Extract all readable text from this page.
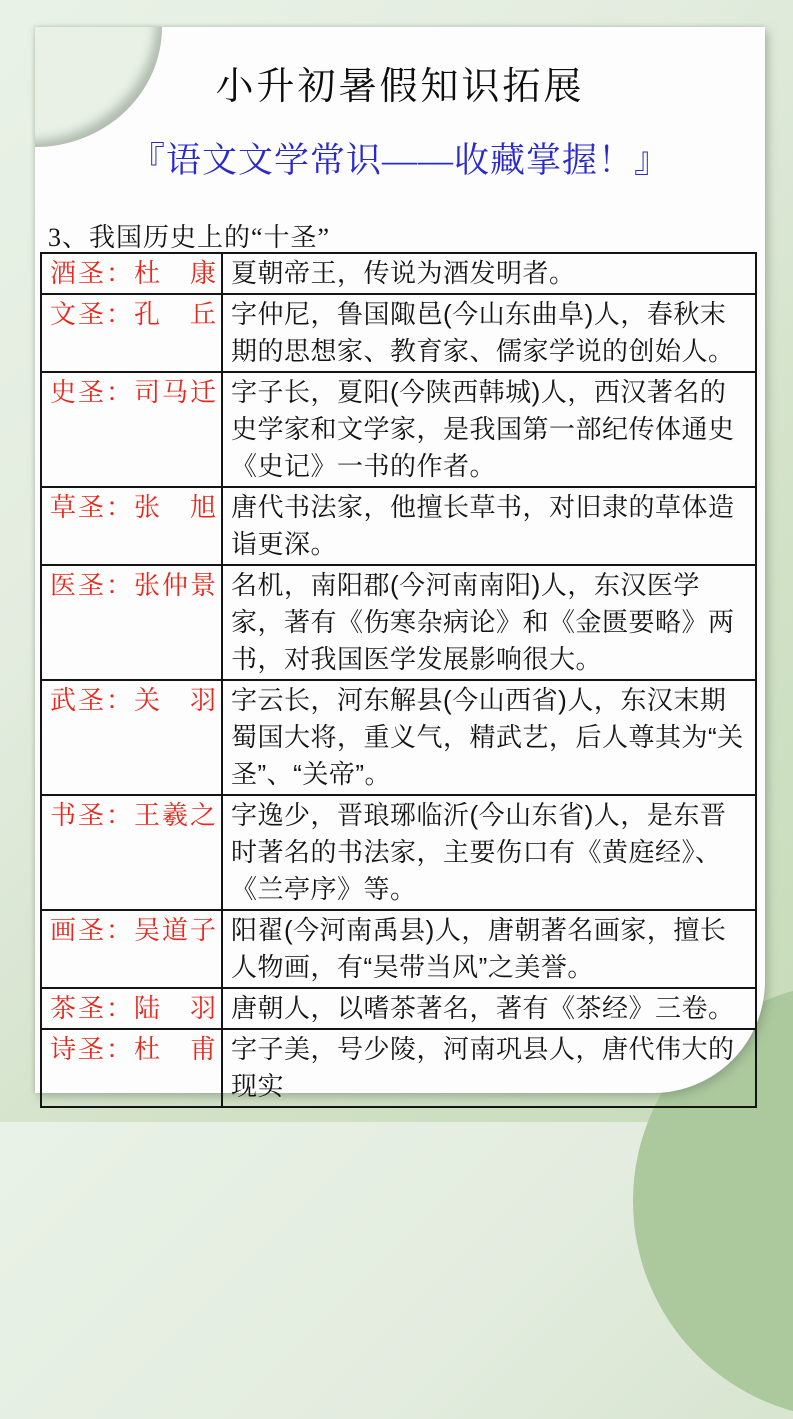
小升初暑假知识拓展
『语文文学常识——收藏掌握！』
3、我国历史上的“十圣”
酒圣：杜　康	夏朝帝王，传说为酒发明者。
文圣：孔　丘	字仲尼，鲁国陬邑(今山东曲阜)人，春秋末期的思想家、教育家、儒家学说的创始人。
史圣：司马迁	字子长，夏阳(今陕西韩城)人，西汉著名的史学家和文学家，是我国第一部纪传体通史《史记》一书的作者。
草圣：张　旭	唐代书法家，他擅长草书，对旧隶的草体造诣更深。
医圣：张仲景	名机，南阳郡(今河南南阳)人，东汉医学家，著有《伤寒杂病论》和《金匮要略》两书，对我国医学发展影响很大。
武圣：关　羽	字云长，河东解县(今山西省)人，东汉末期蜀国大将，重义气，精武艺，后人尊其为“关圣”、“关帝”。
书圣：王羲之	字逸少，晋琅琊临沂(今山东省)人，是东晋时著名的书法家，主要伤口有《黄庭经》、《兰亭序》等。
画圣：吴道子	阳翟(今河南禹县)人，唐朝著名画家，擅长人物画，有“吴带当风”之美誉。
茶圣：陆　羽	唐朝人，以嗜茶著名，著有《茶经》三卷。
诗圣：杜　甫	字子美，号少陵，河南巩县人，唐代伟大的现实
